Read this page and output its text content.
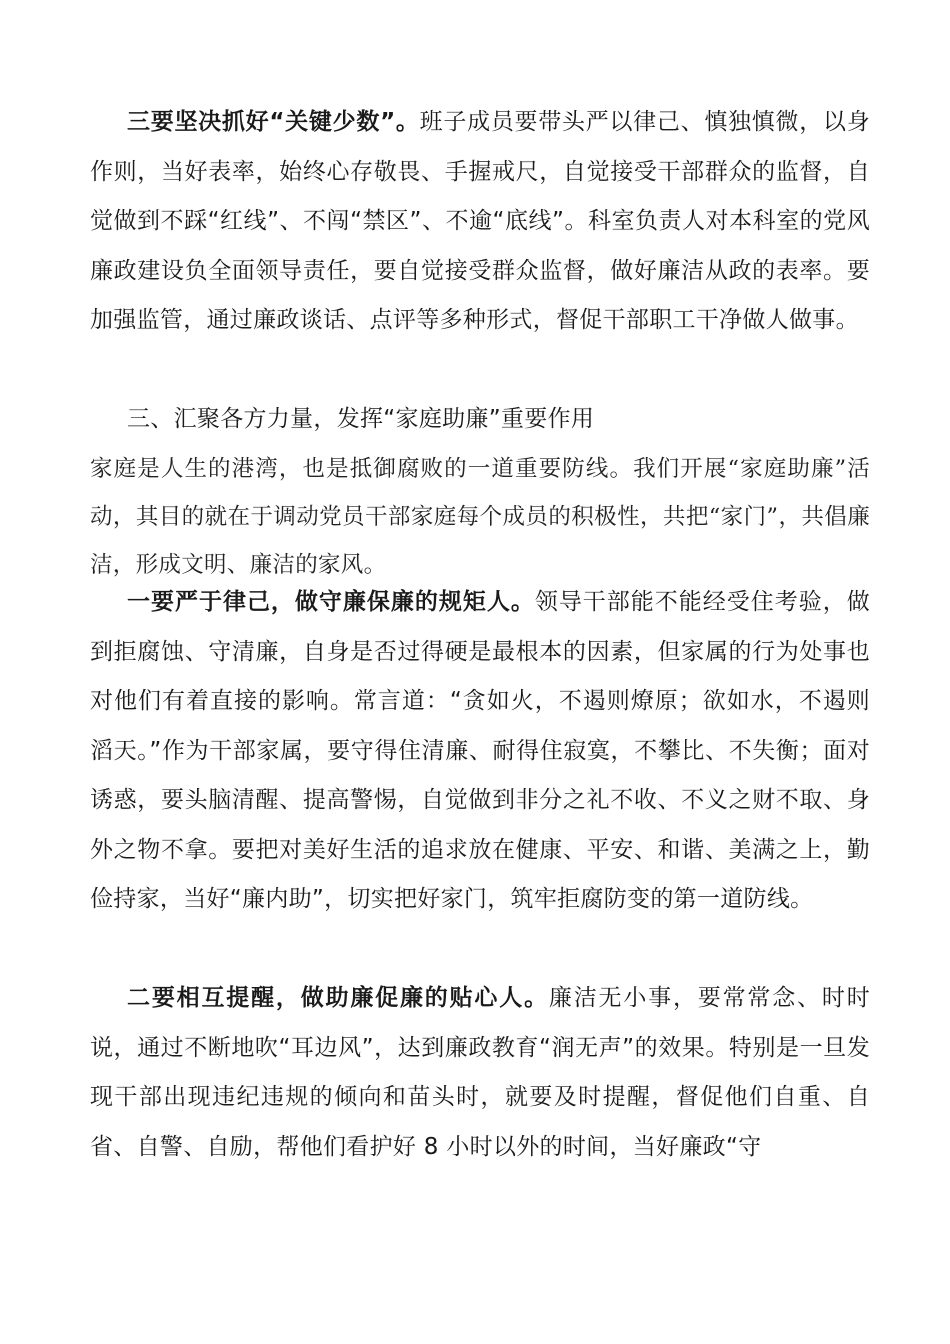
三要坚决抓好“关键少数”。班子成员要带头严以律己、慎独慎微，以身作则，当好表率，始终心存敬畏、手握戒尺，自觉接受干部群众的监督，自觉做到不踩“红线”、不闯“禁区”、不逾“底线”。科室负责人对本科室的党风廉政建设负全面领导责任，要自觉接受群众监督，做好廉洁从政的表率。要加强监管，通过廉政谈话、点评等多种形式，督促干部职工干净做人做事。

三、汇聚各方力量，发挥“家庭助廉”重要作用

家庭是人生的港湾，也是抵御腐败的一道重要防线。我们开展“家庭助廉”活动，其目的就在于调动党员干部家庭每个成员的积极性，共把“家门”，共倡廉洁，形成文明、廉洁的家风。

一要严于律己，做守廉保廉的规矩人。领导干部能不能经受住考验，做到拒腐蚀、守清廉，自身是否过得硬是最根本的因素，但家属的行为处事也对他们有着直接的影响。常言道：“贪如火，不遏则燎原；欲如水，不遏则滔天。”作为干部家属，要守得住清廉、耐得住寂寞，不攀比、不失衡；面对诱惑，要头脑清醒、提高警惕，自觉做到非分之礼不收、不义之财不取、身外之物不拿。要把对美好生活的追求放在健康、平安、和谐、美满之上，勤俭持家，当好“廉内助”，切实把好家门，筑牢拒腐防变的第一道防线。

二要相互提醒，做助廉促廉的贴心人。廉洁无小事，要常常念、时时说，通过不断地吹“耳边风”，达到廉政教育“润无声”的效果。特别是一旦发现干部出现违纪违规的倾向和苗头时，就要及时提醒，督促他们自重、自省、自警、自励，帮他们看护好 8 小时以外的时间，当好廉政“守
